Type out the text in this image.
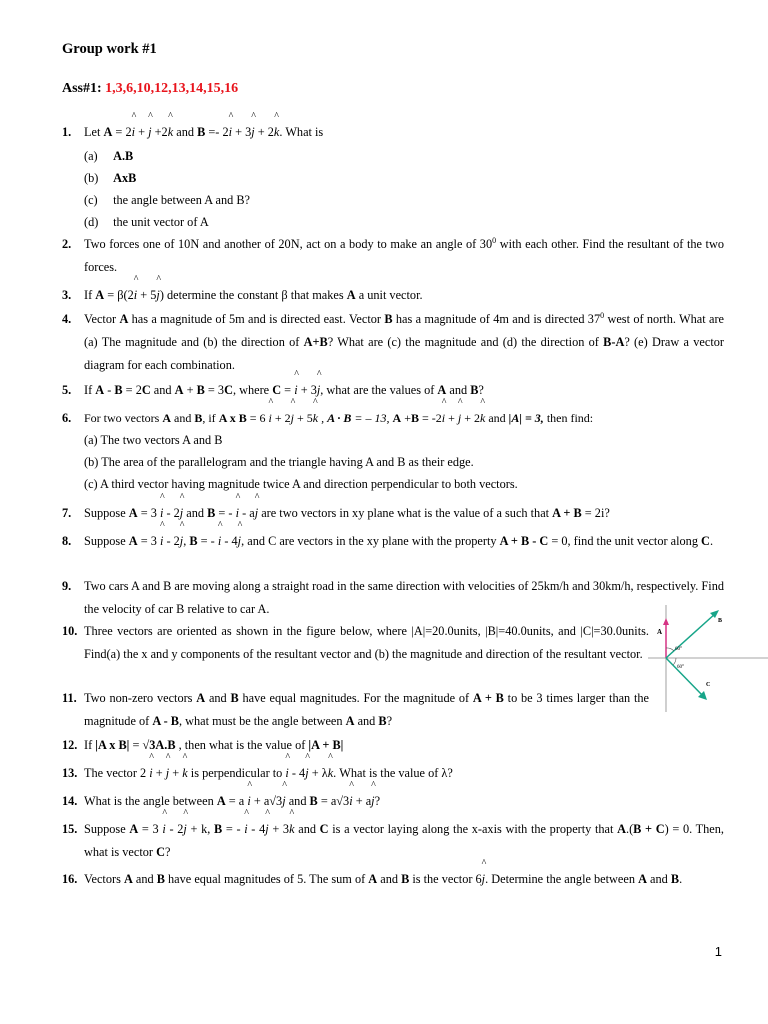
Group work #1
Ass#1: 1,3,6,10,12,13,14,15,16
1. Let A = 2^ i + ^ j +2^ k and B =- 2^ i + 3^ j + 2^ k. What is
(a) A.B
(b) AxB
(c) the angle between A and B?
(d) the unit vector of A
2. Two forces one of 10N and another of 20N, act on a body to make an angle of $30^0$ with each other. Find the resultant of the two forces.
3. If A = β(2^ i + 5^ j) determine the constant β that makes A a unit vector.
4. Vector A has a magnitude of 5m and is directed east. Vector B has a magnitude of 4m and is directed $37^0$ west of north. What are (a) The magnitude and (b) the direction of A+B? What are (c) the magnitude and (d) the direction of B-A? (e) Draw a vector diagram for each combination.
5. If A - B = 2C and A + B = 3C, where C = ^ i + 3^ j, what are the values of A and B?
6. For two vectors A and B, if A x B = 6 ^ i + 2^ j + 5^ k , A · B = – 13, A +B = -2^ i + ^ j + 2^ k and |A| = 3, then find:
(a) The two vectors A and B
(b) The area of the parallelogram and the triangle having A and B as their edge.
(c) A third vector having magnitude twice A and direction perpendicular to both vectors.
7. Suppose A = 3 ^ i - 2^ j and B = - ^ i - a^ j are two vectors in xy plane what is the value of a such that A + B = 2i?
8. Suppose A = 3 ^ i - 2^ j, B = - ^ i - 4^ j, and C are vectors in the xy plane with the property A + B - C = 0, find the unit vector along C.
9. Two cars A and B are moving along a straight road in the same direction with velocities of 25km/h and 30km/h, respectively. Find the velocity of car B relative to car A.
10. Three vectors are oriented as shown in the figure below, where |A|=20.0units, |B|=40.0units, and |C|=30.0units. Find(a) the x and y components of the resultant vector and (b) the magnitude and direction of the resultant vector.
11. Two non-zero vectors A and B have equal magnitudes. For the magnitude of A + B to be 3 times larger than the magnitude of A - B, what must be the angle between A and B?
12. If |A x B| = √3A.B , then what is the value of |A + B|
13. The vector 2 ^ i + ^ j + ^ k is perpendicular to ^ i - 4^ j + λ^ k. What is the value of λ?
14. What is the angle between A = a ^ i + a√3^ j and B = a√3^ i + a^ j?
15. Suppose A = 3 ^ i - 2^ j + k, B = - ^ i - 4^ j + 3^ k and C is a vector laying along the x-axis with the property that A.(B + C) = 0. Then, what is vector C?
16. Vectors A and B have equal magnitudes of 5. The sum of A and B is the vector 6^ j. Determine the angle between A and B.
A
B
C
60°
60°
1
